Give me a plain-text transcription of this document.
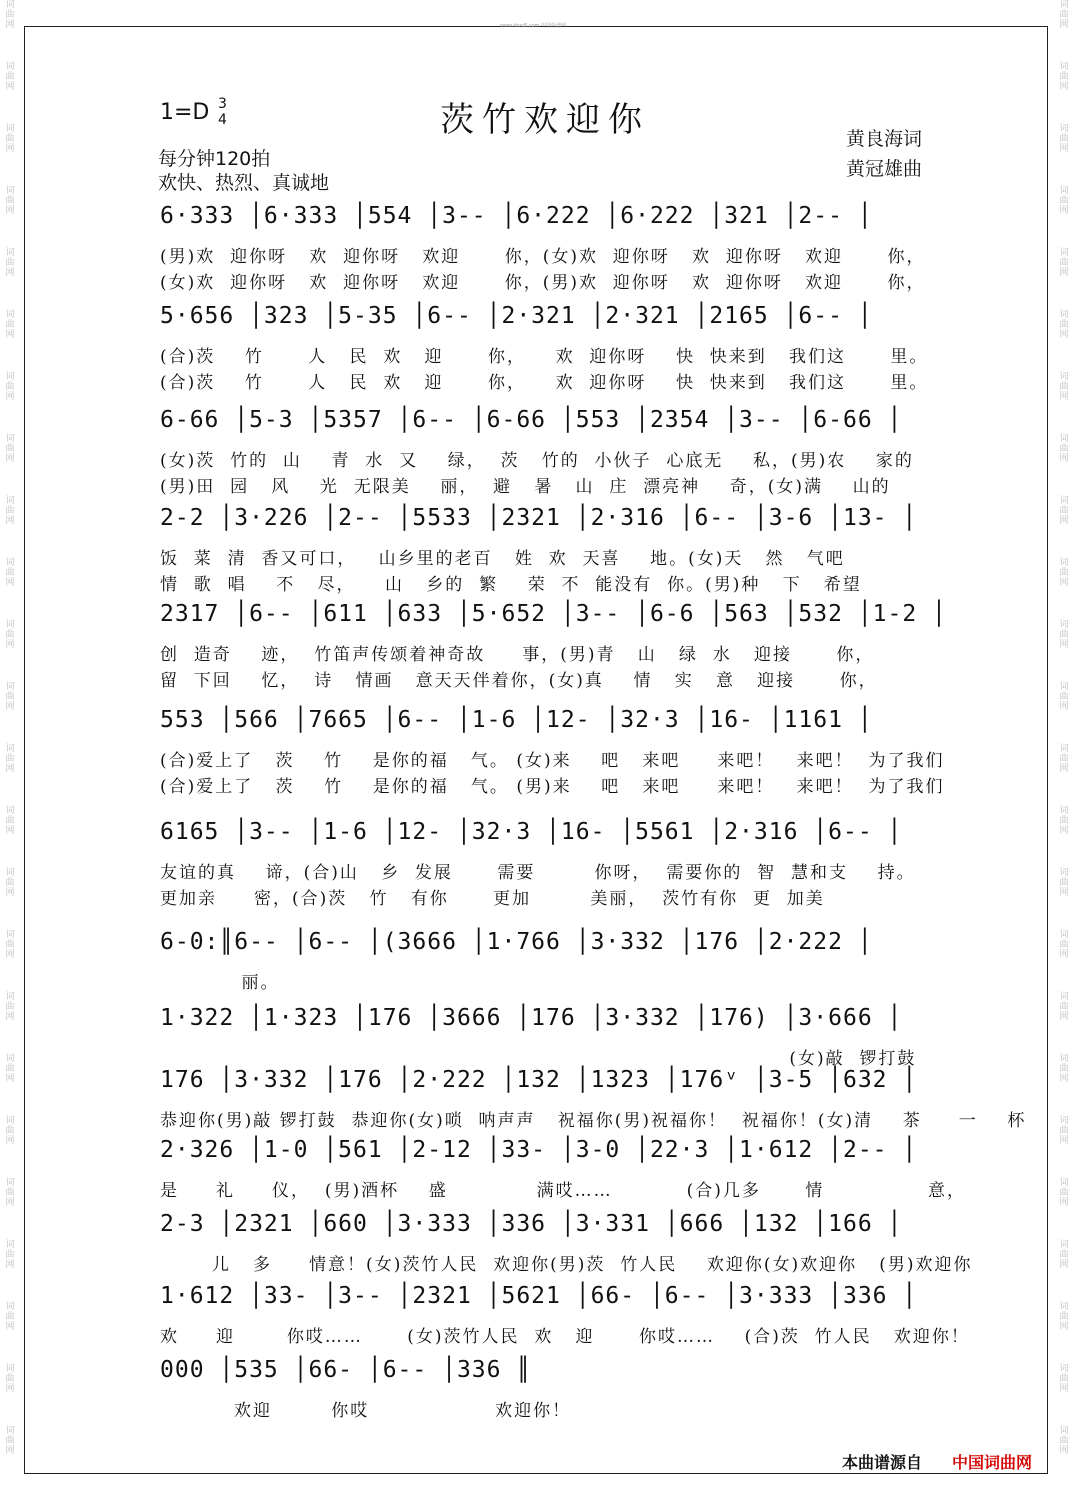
词
曲
网
词
曲
网
词
曲
网
词
曲
网
词
曲
网
词
曲
网
词
曲
网
词
曲
网
词
曲
网
词
曲
网
词
曲
网
词
曲
网
词
曲
网
词
曲
网
词
曲
网
词
曲
网
词
曲
网
词
曲
网
词
曲
网
词
曲
网
词
曲
网
词
曲
网
词
曲
网
词
曲
网
词
曲
网
词
曲
网
词
曲
网
词
曲
网
词
曲
网
词
曲
网
词
曲
网
词
曲
网
词
曲
网
词
曲
网
词
曲
网
词
曲
网
词
曲
网
词
曲
网
词
曲
网
词
曲
网
词
曲
网
词
曲
网
词
曲
网
词
曲
网
词
曲
网
词
曲
网
词
曲
网
词
曲
网
www.ktvc8.com 中国曲谱网
1=D 3
4	茨竹欢迎你
每分钟120拍
欢快、热烈、真诚地
黄良海词
黄冠雄曲
6·333 │6·333 │554 │3-- │6·222 │6·222 │321 │2-- │
(男)欢  迎你呀   欢  迎你呀   欢迎      你，(女)欢  迎你呀   欢  迎你呀   欢迎      你，
(女)欢  迎你呀   欢  迎你呀   欢迎      你，(男)欢  迎你呀   欢  迎你呀   欢迎      你，
5·656 │323 │5-35 │6-- │2·321 │2·321 │2165 │6-- │
(合)茨    竹      人   民  欢   迎      你，    欢  迎你呀    快  快来到   我们这      里。
(合)茨    竹      人   民  欢   迎      你，    欢  迎你呀    快  快来到   我们这      里。
6-66 │5-3 │5357 │6-- │6-66 │553 │2354 │3-- │6-66 │
(女)茨  竹的  山    青  水  又    绿，  茨   竹的  小伙子  心底无    私，(男)农    家的
(男)田  园   风    光  无限美    丽，  避   暑   山  庄  漂亮神    奇，(女)满    山的
2-2 │3·226 │2-- │5533 │2321 │2·316 │6-- │3-6 │13- │
饭  菜  清  香又可口，   山乡里的老百   姓  欢  天喜    地。(女)天   然   气吧
情  歌  唱    不   尽，    山   乡的  繁    荣  不  能没有  你。(男)种   下   希望
2317 │6-- │611 │633 │5·652 │3-- │6-6 │563 │532 │1-2 │
创  造奇    迹，  竹笛声传颂着神奇故     事，(男)青   山   绿  水   迎接      你，
留  下回    忆，  诗   情画   意天天伴着你，(女)真    情   实   意   迎接      你，
553 │566 │7665 │6-- │1-6 │12- │32·3 │16- │1161 │
(合)爱上了   茨    竹    是你的福   气。 (女)来    吧   来吧     来吧！   来吧！  为了我们
(合)爱上了   茨    竹    是你的福   气。 (男)来    吧   来吧     来吧！   来吧！  为了我们
6165 │3-- │1-6 │12- │32·3 │16- │5561 │2·316 │6-- │
友谊的真    谛，(合)山   乡  发展      需要        你呀，  需要你的  智  慧和支    持。
更加亲     密，(合)茨   竹   有你      更加        美丽，  茨竹有你  更  加美
6-0:║6-- │6-- │(3666 │1·766 │3·332 │176 │2·222 │
丽。
1·322 │1·323 │176 │3666 │176 │3·332 │176) │3·666 │
(女)敲  锣打鼓
176 │3·332 │176 │2·222 │132 │1323 │176ᵛ │3-5 │632 │
恭迎你(男)敲 锣打鼓  恭迎你(女)唢  呐声声   祝福你(男)祝福你！  祝福你！(女)清    茶     一    杯
2·326 │1-0 │561 │2-12 │33- │3-0 │22·3 │1·612 │2-- │
是     礼     仪，  (男)酒杯    盛            满哎……          (合)几多      情              意，
2-3 │2321 │660 │3·333 │336 │3·331 │666 │132 │166 │
儿   多     情意！(女)茨竹人民  欢迎你(男)茨  竹人民    欢迎你(女)欢迎你   (男)欢迎你
1·612 │33- │3-- │2321 │5621 │66- │6-- │3·333 │336 │
欢     迎       你哎……      (女)茨竹人民  欢   迎      你哎……    (合)茨  竹人民   欢迎你！
000 │535 │66- │6-- │336 ║
欢迎        你哎                 欢迎你！
本曲谱源自 中国词曲网
